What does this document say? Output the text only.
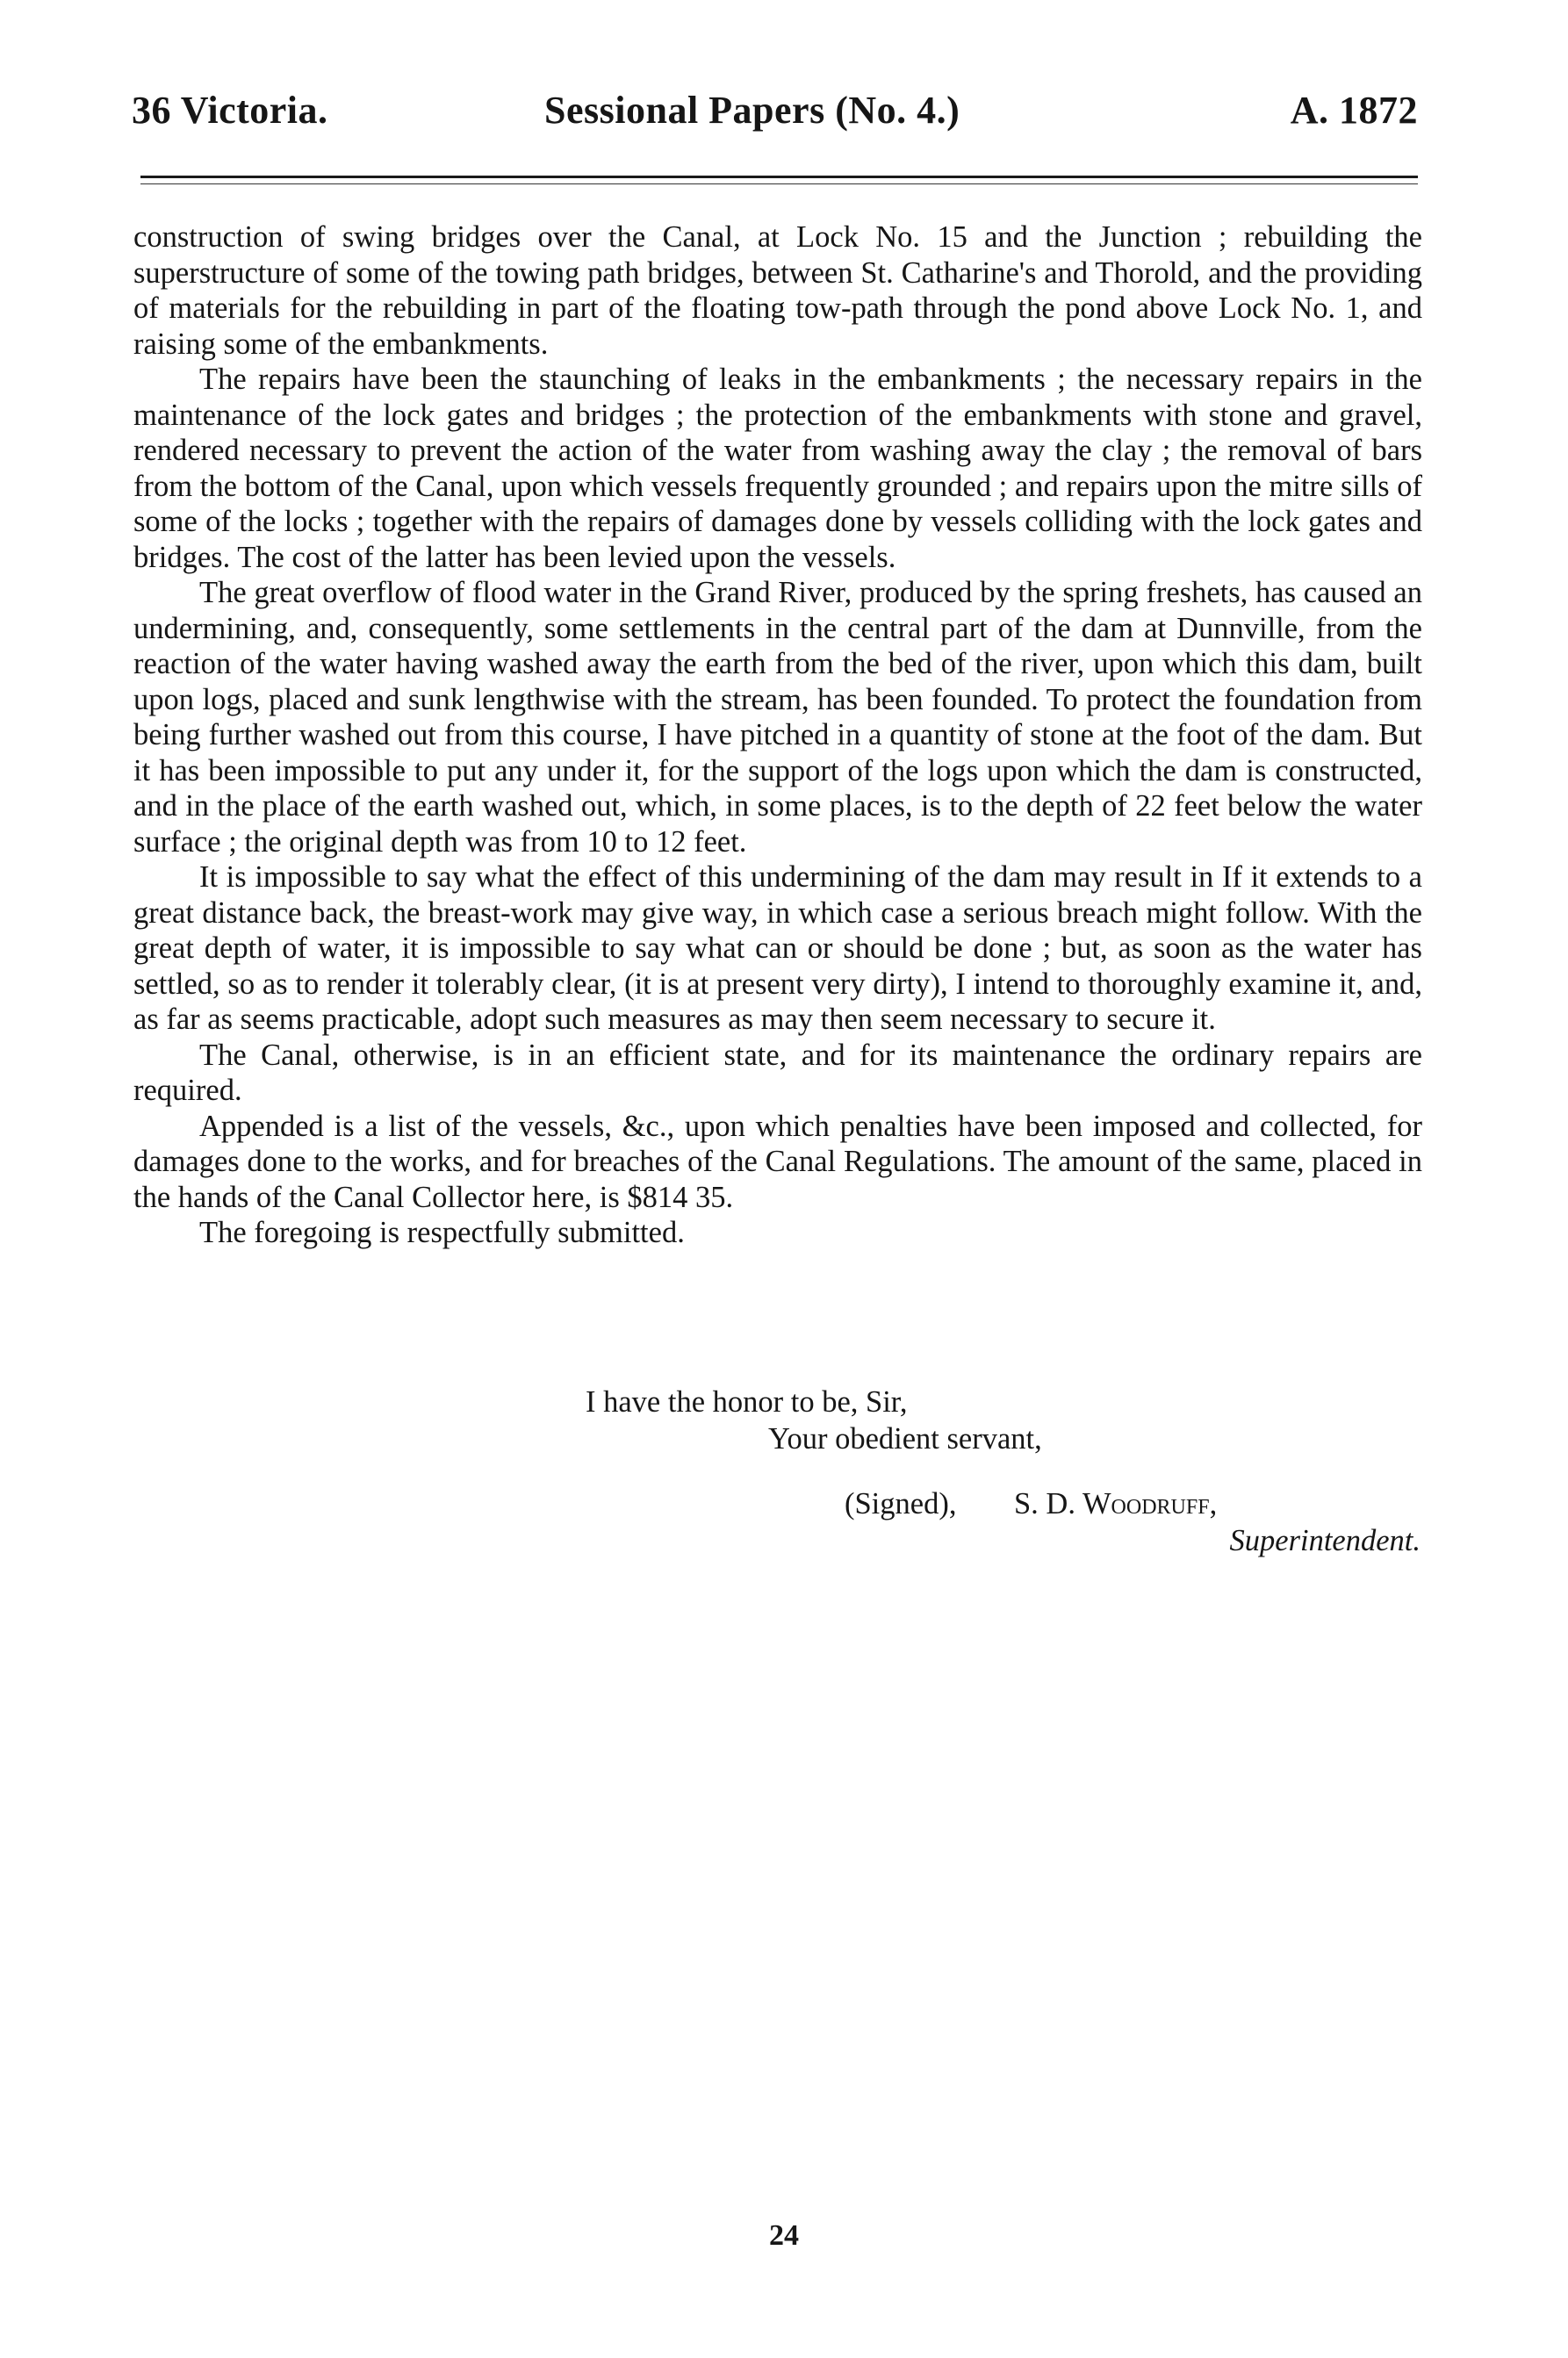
36 Victoria.	Sessional Papers (No. 4.)	A. 1872

construction of swing bridges over the Canal, at Lock No. 15 and the Junction ; rebuilding the superstructure of some of the towing path bridges, between St. Catharine's and Thorold, and the providing of materials for the rebuilding in part of the floating tow-path through the pond above Lock No. 1, and raising some of the embankments.

The repairs have been the staunching of leaks in the embankments ; the necessary repairs in the maintenance of the lock gates and bridges ; the protection of the embankments with stone and gravel, rendered necessary to prevent the action of the water from washing away the clay ; the removal of bars from the bottom of the Canal, upon which vessels frequently grounded ; and repairs upon the mitre sills of some of the locks ; together with the repairs of damages done by vessels colliding with the lock gates and bridges. The cost of the latter has been levied upon the vessels.

The great overflow of flood water in the Grand River, produced by the spring freshets, has caused an undermining, and, consequently, some settlements in the central part of the dam at Dunnville, from the reaction of the water having washed away the earth from the bed of the river, upon which this dam, built upon logs, placed and sunk lengthwise with the stream, has been founded. To protect the foundation from being further washed out from this course, I have pitched in a quantity of stone at the foot of the dam. But it has been impossible to put any under it, for the support of the logs upon which the dam is constructed, and in the place of the earth washed out, which, in some places, is to the depth of 22 feet below the water surface ; the original depth was from 10 to 12 feet.

It is impossible to say what the effect of this undermining of the dam may result in If it extends to a great distance back, the breast-work may give way, in which case a serious breach might follow. With the great depth of water, it is impossible to say what can or should be done ; but, as soon as the water has settled, so as to render it tolerably clear, (it is at present very dirty), I intend to thoroughly examine it, and, as far as seems practicable, adopt such measures as may then seem necessary to secure it.

The Canal, otherwise, is in an efficient state, and for its maintenance the ordinary repairs are required.

Appended is a list of the vessels, &c., upon which penalties have been imposed and collected, for damages done to the works, and for breaches of the Canal Regulations. The amount of the same, placed in the hands of the Canal Collector here, is $814 35.

The foregoing is respectfully submitted.

I have the honor to be, Sir,
Your obedient servant,
(Signed), S. D. Woodruff,
Superintendent.
24
